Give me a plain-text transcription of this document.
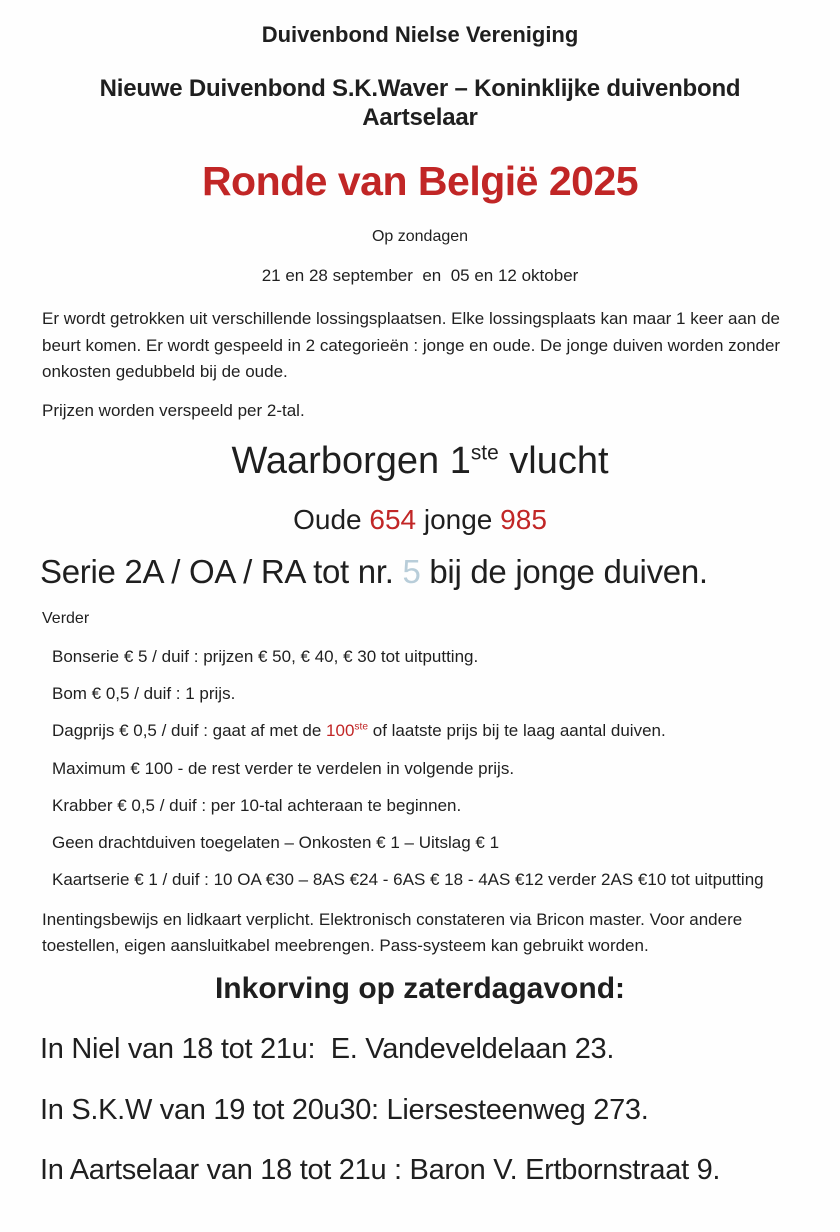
Duivenbond Nielse Vereniging
Nieuwe Duivenbond S.K.Waver – Koninklijke duivenbond Aartselaar
Ronde van België 2025
Op zondagen
21 en 28 september  en  05 en 12 oktober
Er wordt getrokken uit verschillende lossingsplaatsen. Elke lossingsplaats kan maar 1 keer aan de beurt komen. Er wordt gespeeld in 2 categorieën : jonge en oude. De jonge duiven worden zonder onkosten gedubbeld bij de oude.
Prijzen worden verspeeld per 2-tal.
Waarborgen 1ste vlucht
Oude 654 jonge 985
Serie 2A / OA / RA tot nr. 5 bij de jonge duiven.
Verder
Bonserie € 5 / duif : prijzen € 50, € 40, € 30 tot uitputting.
Bom € 0,5 / duif : 1 prijs.
Dagprijs € 0,5 / duif : gaat af met de 100ste of laatste prijs bij te laag aantal duiven.
Maximum € 100 - de rest verder te verdelen in volgende prijs.
Krabber € 0,5 / duif : per 10-tal achteraan te beginnen.
Geen drachtduiven toegelaten – Onkosten € 1 – Uitslag € 1
Kaartserie € 1 / duif : 10 OA €30 – 8AS €24 - 6AS € 18 - 4AS €12 verder 2AS €10 tot uitputting
Inentingsbewijs en lidkaart verplicht. Elektronisch constateren via Bricon master. Voor andere toestellen, eigen aansluitkabel meebrengen. Pass-systeem kan gebruikt worden.
Inkorving op zaterdagavond:
In Niel van 18 tot 21u:  E. Vandeveldelaan 23.
In S.K.W van 19 tot 20u30: Liersesteenweg 273.
In Aartselaar van 18 tot 21u : Baron V. Ertbornstraat 9.
